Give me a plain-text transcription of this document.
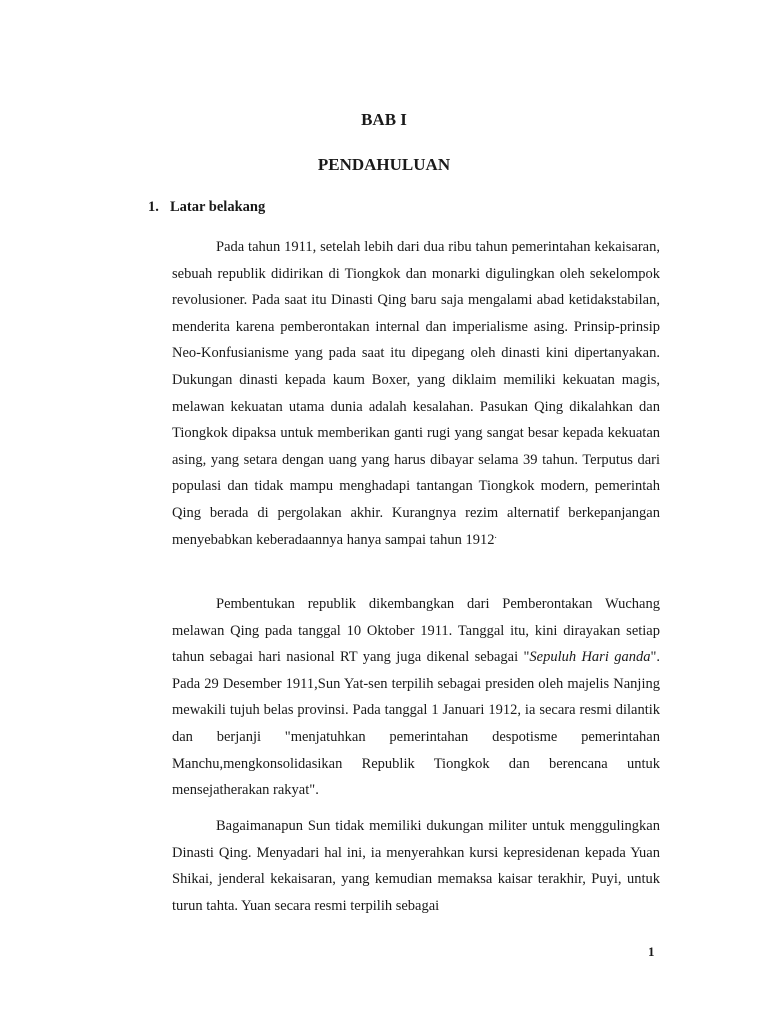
BAB I
PENDAHULUAN
1. Latar belakang

Pada tahun 1911, setelah lebih dari dua ribu tahun pemerintahan kekaisaran, sebuah republik didirikan di Tiongkok dan monarki digulingkan oleh sekelompok revolusioner. Pada saat itu Dinasti Qing baru saja mengalami abad ketidakstabilan, menderita karena pemberontakan internal dan imperialisme asing. Prinsip-prinsip Neo-Konfusianisme yang pada saat itu dipegang oleh dinasti kini dipertanyakan. Dukungan dinasti kepada kaum Boxer, yang diklaim memiliki kekuatan magis, melawan kekuatan utama dunia adalah kesalahan. Pasukan Qing dikalahkan dan Tiongkok dipaksa untuk memberikan ganti rugi yang sangat besar kepada kekuatan asing, yang setara dengan uang yang harus dibayar selama 39 tahun. Terputus dari populasi dan tidak mampu menghadapi tantangan Tiongkok modern, pemerintah Qing berada di pergolakan akhir. Kurangnya rezim alternatif berkepanjangan menyebabkan keberadaannya hanya sampai tahun 1912.

Pembentukan republik dikembangkan dari Pemberontakan Wuchang melawan Qing pada tanggal 10 Oktober 1911. Tanggal itu, kini dirayakan setiap tahun sebagai hari nasional RT yang juga dikenal sebagai "Sepuluh Hari ganda". Pada 29 Desember 1911,Sun Yat-sen terpilih sebagai presiden oleh majelis Nanjing mewakili tujuh belas provinsi. Pada tanggal 1 Januari 1912, ia secara resmi dilantik dan berjanji "menjatuhkan pemerintahan despotisme pemerintahan Manchu,mengkonsolidasikan Republik Tiongkok dan berencana untuk mensejatherakan rakyat".

Bagaimanapun Sun tidak memiliki dukungan militer untuk menggulingkan Dinasti Qing. Menyadari hal ini, ia menyerahkan kursi kepresidenan kepada Yuan Shikai, jenderal kekaisaran, yang kemudian memaksa kaisar terakhir, Puyi, untuk turun tahta. Yuan secara resmi terpilih sebagai

1
